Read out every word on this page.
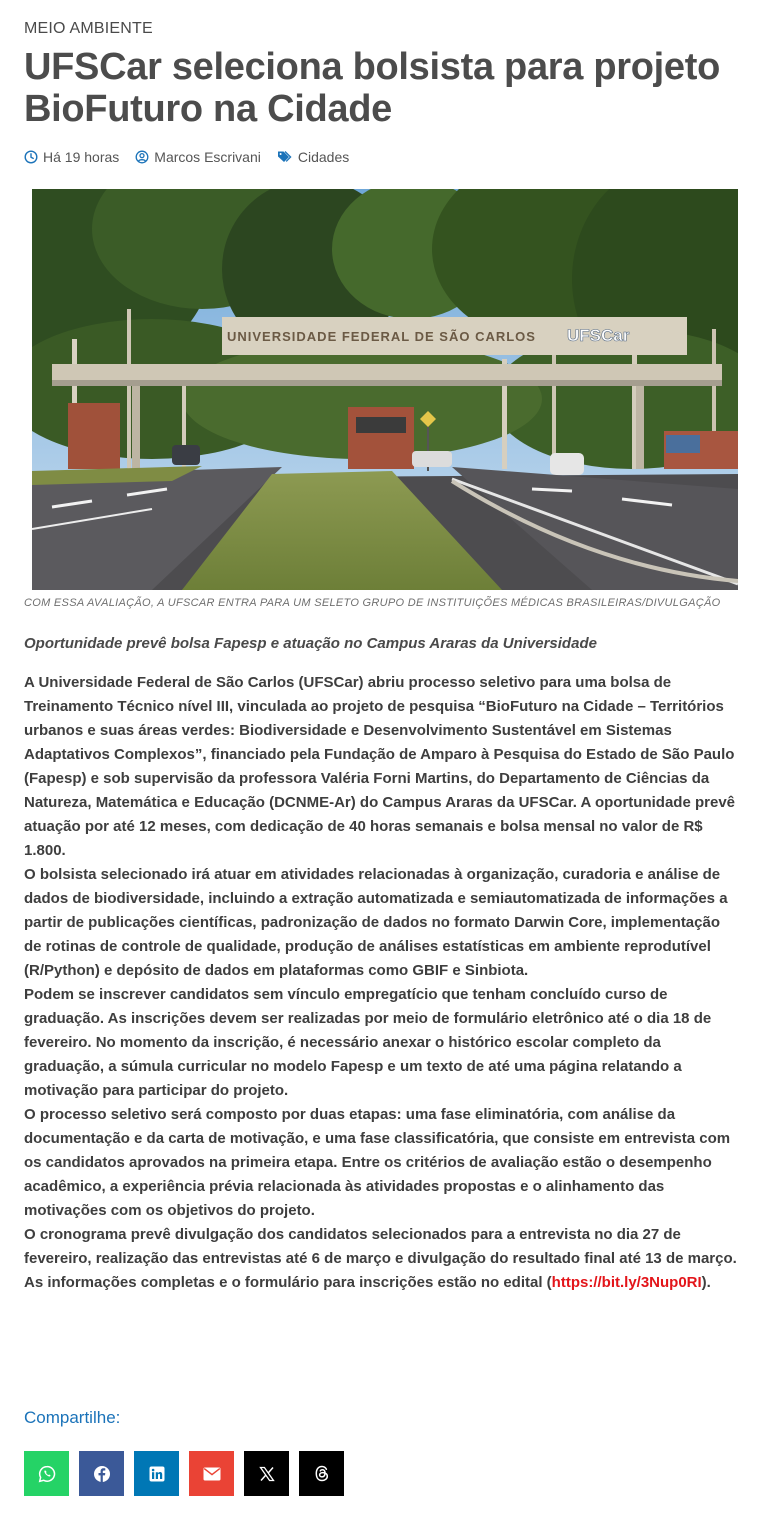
MEIO AMBIENTE
UFSCar seleciona bolsista para projeto BioFuturo na Cidade
Há 19 horas	Marcos Escrivani	Cidades
UNIVERSIDADE FEDERAL DE SÃO CARLOS UFSCar
COM ESSA AVALIAÇÃO, A UFSCAR ENTRA PARA UM SELETO GRUPO DE INSTITUIÇÕES MÉDICAS BRASILEIRAS/DIVULGAÇÃO
Oportunidade prevê bolsa Fapesp e atuação no Campus Araras da Universidade

A Universidade Federal de São Carlos (UFSCar) abriu processo seletivo para uma bolsa de Treinamento Técnico nível III, vinculada ao projeto de pesquisa “BioFuturo na Cidade – Territórios urbanos e suas áreas verdes: Biodiversidade e Desenvolvimento Sustentável em Sistemas Adaptativos Complexos”, financiado pela Fundação de Amparo à Pesquisa do Estado de São Paulo (Fapesp) e sob supervisão da professora Valéria Forni Martins, do Departamento de Ciências da Natureza, Matemática e Educação (DCNME-Ar) do Campus Araras da UFSCar. A oportunidade prevê atuação por até 12 meses, com dedicação de 40 horas semanais e bolsa mensal no valor de R$ 1.800.

O bolsista selecionado irá atuar em atividades relacionadas à organização, curadoria e análise de dados de biodiversidade, incluindo a extração automatizada e semiautomatizada de informações a partir de publicações científicas, padronização de dados no formato Darwin Core, implementação de rotinas de controle de qualidade, produção de análises estatísticas em ambiente reprodutível (R/Python) e depósito de dados em plataformas como GBIF e Sinbiota.

Podem se inscrever candidatos sem vínculo empregatício que tenham concluído curso de graduação. As inscrições devem ser realizadas por meio de formulário eletrônico até o dia 18 de fevereiro. No momento da inscrição, é necessário anexar o histórico escolar completo da graduação, a súmula curricular no modelo Fapesp e um texto de até uma página relatando a motivação para participar do projeto.

O processo seletivo será composto por duas etapas: uma fase eliminatória, com análise da documentação e da carta de motivação, e uma fase classificatória, que consiste em entrevista com os candidatos aprovados na primeira etapa. Entre os critérios de avaliação estão o desempenho acadêmico, a experiência prévia relacionada às atividades propostas e o alinhamento das motivações com os objetivos do projeto.

O cronograma prevê divulgação dos candidatos selecionados para a entrevista no dia 27 de fevereiro, realização das entrevistas até 6 de março e divulgação do resultado final até 13 de março. As informações completas e o formulário para inscrições estão no edital (https://bit.ly/3Nup0RI).

Compartilhe:
